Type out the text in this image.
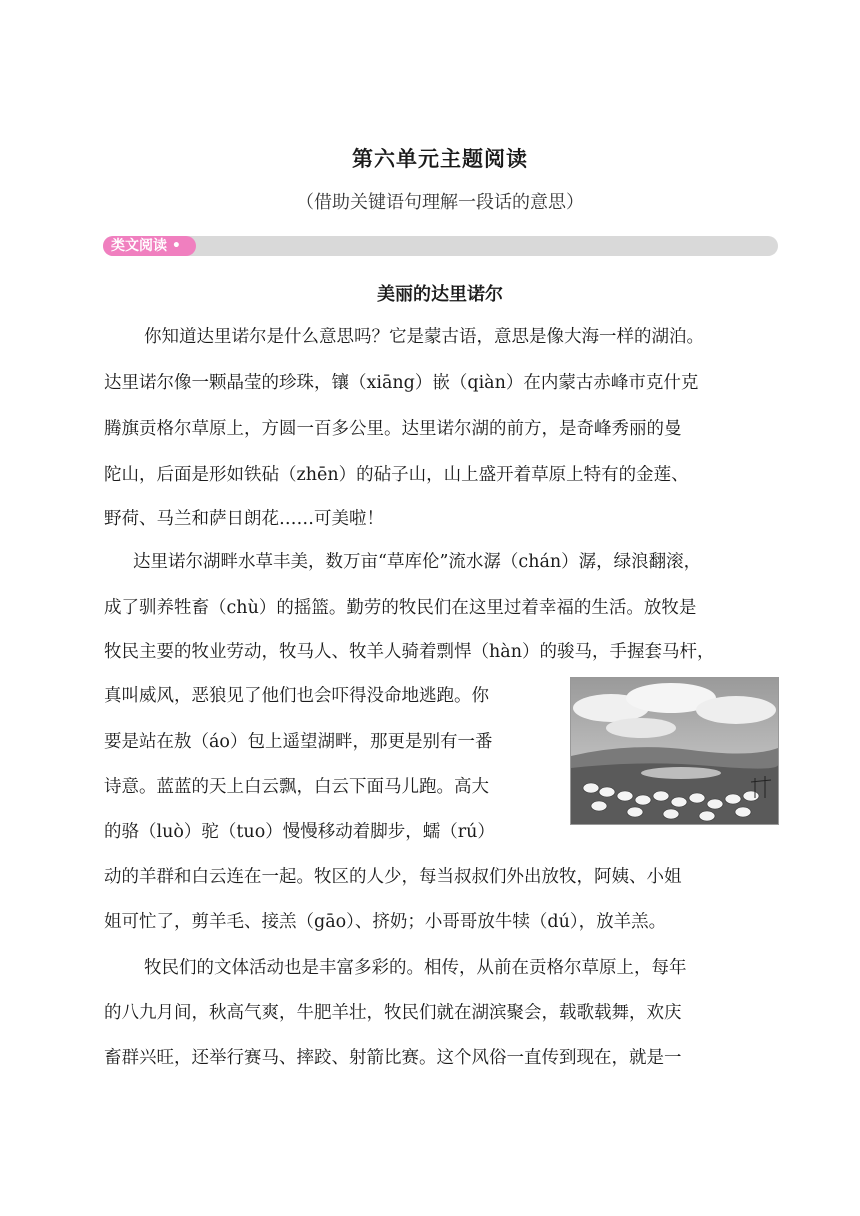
第六单元主题阅读
（借助关键语句理解一段话的意思）
类文阅读 •
美丽的达里诺尔
你知道达里诺尔是什么意思吗？它是蒙古语，意思是像大海一样的湖泊。
达里诺尔像一颗晶莹的珍珠，镶（xiāng）嵌（qiàn）在内蒙古赤峰市克什克
腾旗贡格尔草原上，方圆一百多公里。达里诺尔湖的前方，是奇峰秀丽的曼
陀山，后面是形如铁砧（zhēn）的砧子山，山上盛开着草原上特有的金莲、
野荷、马兰和萨日朗花……可美啦！
达里诺尔湖畔水草丰美，数万亩“草库伦”流水潺（chán）潺，绿浪翻滚，
成了驯养牲畜（chù）的摇篮。勤劳的牧民们在这里过着幸福的生活。放牧是
牧民主要的牧业劳动，牧马人、牧羊人骑着剽悍（hàn）的骏马，手握套马杆，
真叫威风，恶狼见了他们也会吓得没命地逃跑。你
要是站在敖（áo）包上遥望湖畔，那更是别有一番
诗意。蓝蓝的天上白云飘，白云下面马儿跑。高大
的骆（luò）驼（tuo）慢慢移动着脚步，蠕（rú）
动的羊群和白云连在一起。牧区的人少，每当叔叔们外出放牧，阿姨、小姐
姐可忙了，剪羊毛、接羔（gāo）、挤奶；小哥哥放牛犊（dú），放羊羔。
牧民们的文体活动也是丰富多彩的。相传，从前在贡格尔草原上，每年
的八九月间，秋高气爽，牛肥羊壮，牧民们就在湖滨聚会，载歌载舞，欢庆
畜群兴旺，还举行赛马、摔跤、射箭比赛。这个风俗一直传到现在，就是一
